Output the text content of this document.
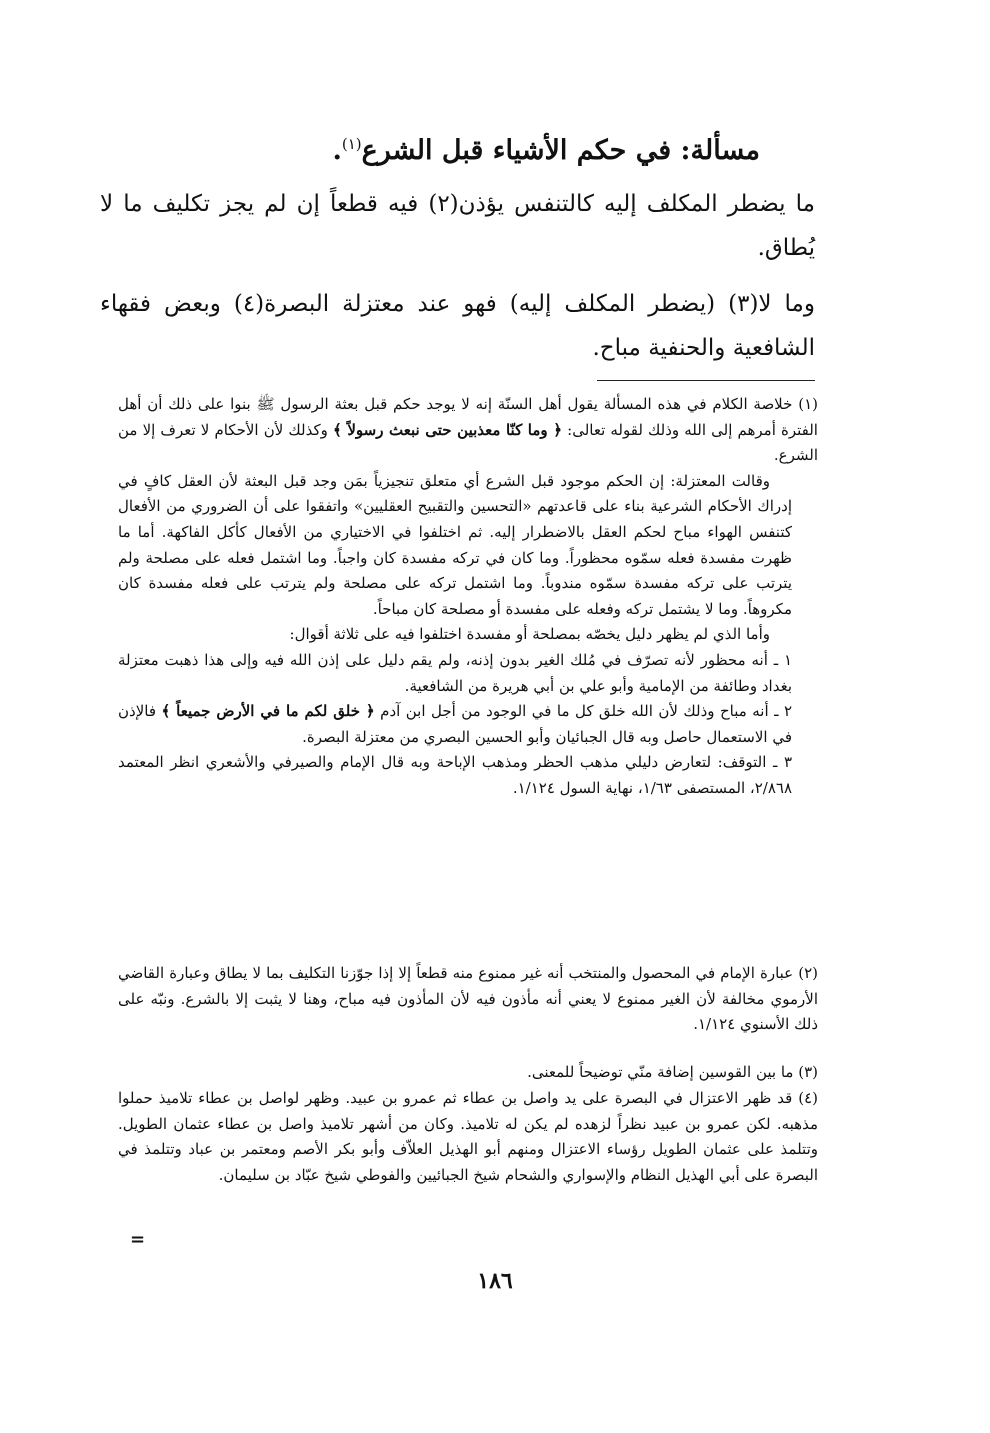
مسألة: في حكم الأشياء قبل الشرع$^{(١)}$.
ما يضطر المكلف إليه كالتنفس يؤذن(٢) فيه قطعاً إن لم يجز تكليف ما لا يُطاق.
وما لا(٣) (يضطر المكلف إليه) فهو عند معتزلة البصرة(٤) وبعض فقهاء الشافعية والحنفية مباح.
(١) خلاصة الكلام في هذه المسألة يقول أهل السنّة إنه لا يوجد حكم قبل بعثة الرسول ﷺ بنوا على ذلك أن أهل الفترة أمرهم إلى الله وذلك لقوله تعالى: ﴿ وما كنّا معذبين حتى نبعث رسولاً ﴾ وكذلك لأن الأحكام لا تعرف إلا من الشرع.
وقالت المعتزلة: إن الحكم موجود قبل الشرع أي متعلق تنجيزياً بمَن وجد قبل البعثة لأن العقل كافٍ في إدراك الأحكام الشرعية بناء على قاعدتهم «التحسين والتقبيح العقليين» واتفقوا على أن الضروري من الأفعال كتنفس الهواء مباح لحكم العقل بالاضطرار إليه. ثم اختلفوا في الاختياري من الأفعال كأكل الفاكهة. أما ما ظهرت مفسدة فعله سمّوه محظوراً. وما كان في تركه مفسدة كان واجباً. وما اشتمل فعله على مصلحة ولم يترتب على تركه مفسدة سمّوه مندوباً. وما اشتمل تركه على مصلحة ولم يترتب على فعله مفسدة كان مكروهاً. وما لا يشتمل تركه وفعله على مفسدة أو مصلحة كان مباحاً.
وأما الذي لم يظهر دليل يخصّه بمصلحة أو مفسدة اختلفوا فيه على ثلاثة أقوال:
١ ـ أنه محظور لأنه تصرّف في مُلك الغير بدون إذنه، ولم يقم دليل على إذن الله فيه وإلى هذا ذهبت معتزلة بغداد وطائفة من الإمامية وأبو علي بن أبي هريرة من الشافعية.
٢ ـ أنه مباح وذلك لأن الله خلق كل ما في الوجود من أجل ابن آدم ﴿ خلق لكم ما في الأرض جميعاً ﴾ فالإذن في الاستعمال حاصل وبه قال الجبائيان وأبو الحسين البصري من معتزلة البصرة.
٣ ـ التوقف: لتعارض دليلي مذهب الحظر ومذهب الإباحة وبه قال الإمام والصيرفي والأشعري انظر المعتمد ٢/٨٦٨، المستصفى ١/٦٣، نهاية السول ١/١٢٤.
(٢) عبارة الإمام في المحصول والمنتخب أنه غير ممنوع منه قطعاً إلا إذا جوّزنا التكليف بما لا يطاق وعبارة القاضي الأرموي مخالفة لأن الغير ممنوع لا يعني أنه مأذون فيه لأن المأذون فيه مباح، وهنا لا يثبت إلا بالشرع. ونبّه على ذلك الأسنوي ١/١٢٤.
(٣) ما بين القوسين إضافة منّي توضيحاً للمعنى.
(٤) قد ظهر الاعتزال في البصرة على يد واصل بن عطاء ثم عمرو بن عبيد. وظهر لواصل بن عطاء تلاميذ حملوا مذهبه. لكن عمرو بن عبيد نظراً لزهده لم يكن له تلاميذ. وكان من أشهر تلاميذ واصل بن عطاء عثمان الطويل. وتتلمذ على عثمان الطويل رؤساء الاعتزال ومنهم أبو الهذيل العلاّف وأبو بكر الأصم ومعتمر بن عباد وتتلمذ في البصرة على أبي الهذيل النظام والإسواري والشحام شيخ الجبائيين والفوطي شيخ عبّاد بن سليمان.
=
١٨٦
